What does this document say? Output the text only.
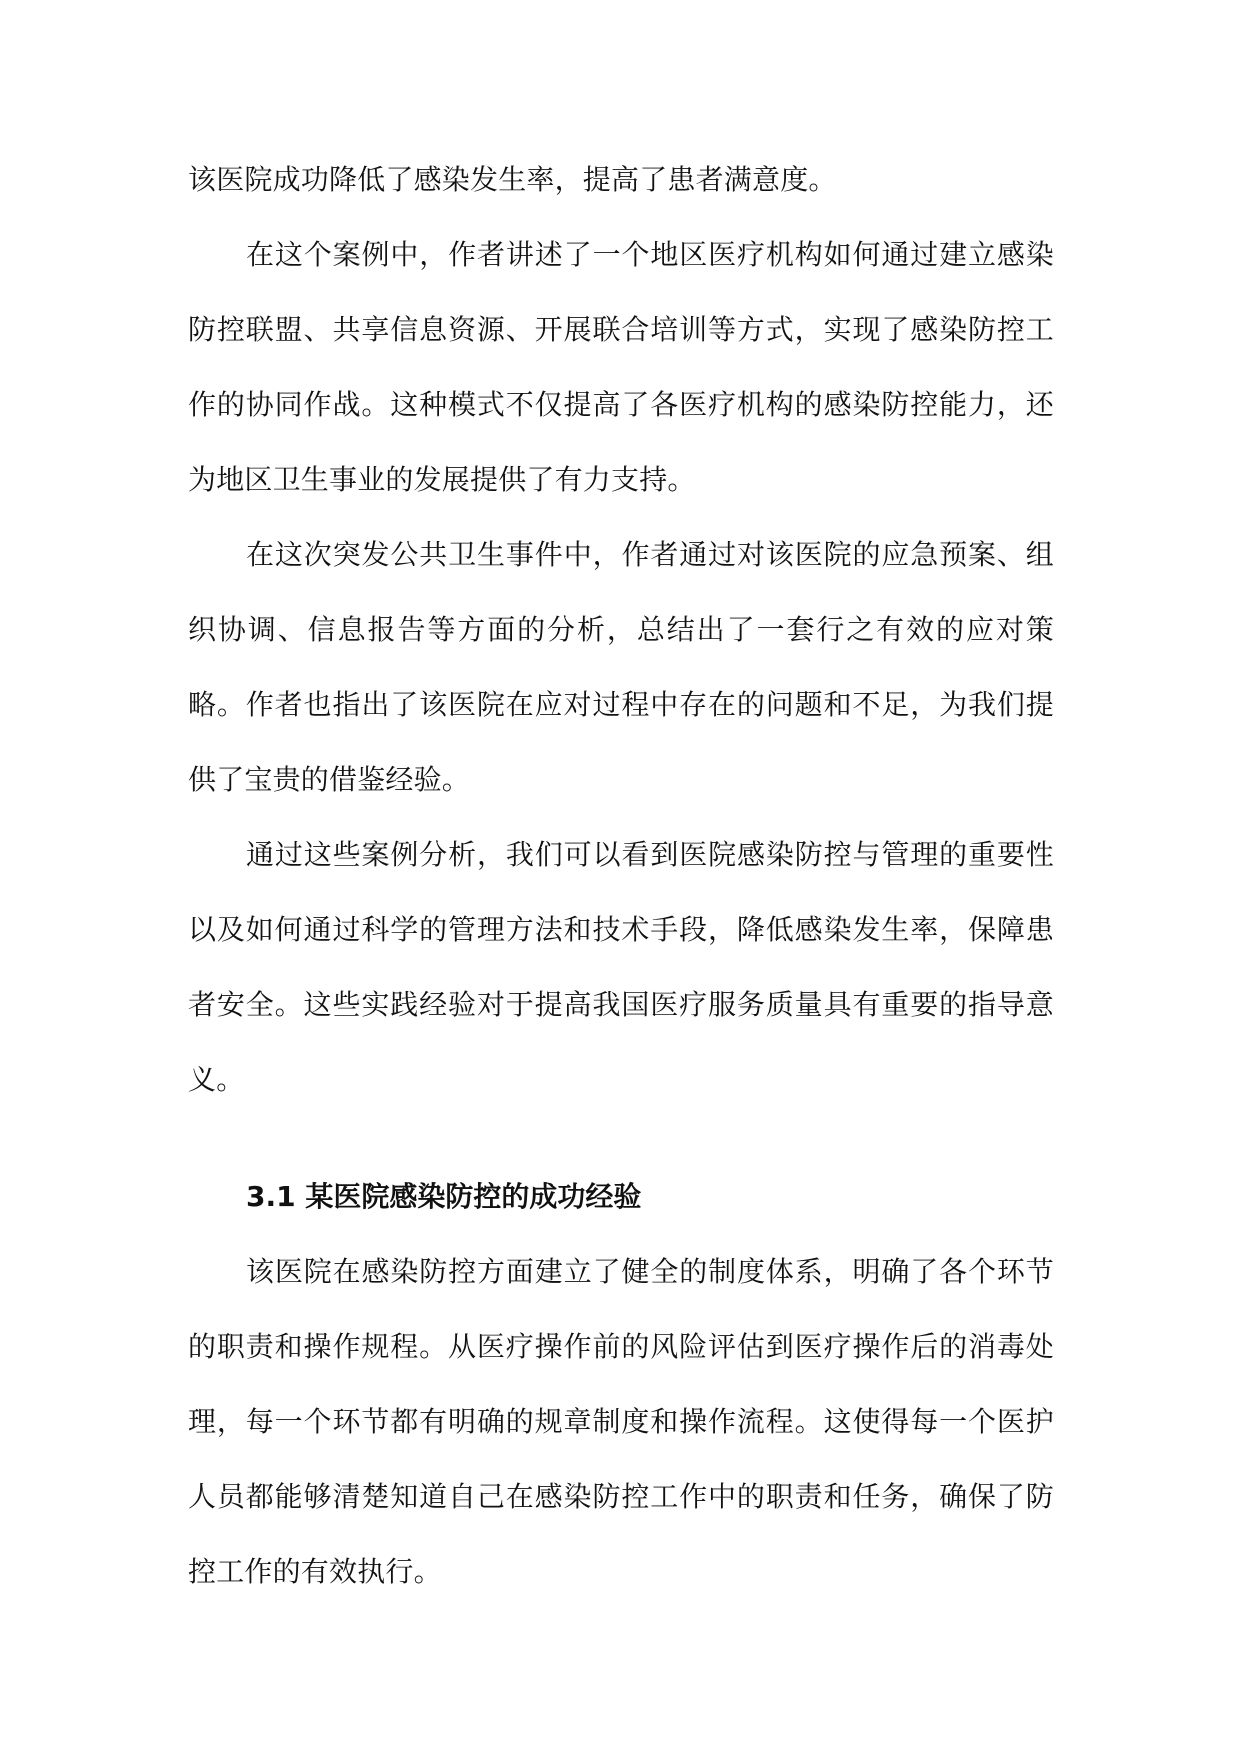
该医院成功降低了感染发生率，提高了患者满意度。

在这个案例中，作者讲述了一个地区医疗机构如何通过建立感染防控联盟、共享信息资源、开展联合培训等方式，实现了感染防控工作的协同作战。这种模式不仅提高了各医疗机构的感染防控能力，还为地区卫生事业的发展提供了有力支持。

在这次突发公共卫生事件中，作者通过对该医院的应急预案、组织协调、信息报告等方面的分析，总结出了一套行之有效的应对策略。作者也指出了该医院在应对过程中存在的问题和不足，为我们提供了宝贵的借鉴经验。

通过这些案例分析，我们可以看到医院感染防控与管理的重要性以及如何通过科学的管理方法和技术手段，降低感染发生率，保障患者安全。这些实践经验对于提高我国医疗服务质量具有重要的指导意义。

3.1 某医院感染防控的成功经验

该医院在感染防控方面建立了健全的制度体系，明确了各个环节的职责和操作规程。从医疗操作前的风险评估到医疗操作后的消毒处理，每一个环节都有明确的规章制度和操作流程。这使得每一个医护人员都能够清楚知道自己在感染防控工作中的职责和任务，确保了防控工作的有效执行。
